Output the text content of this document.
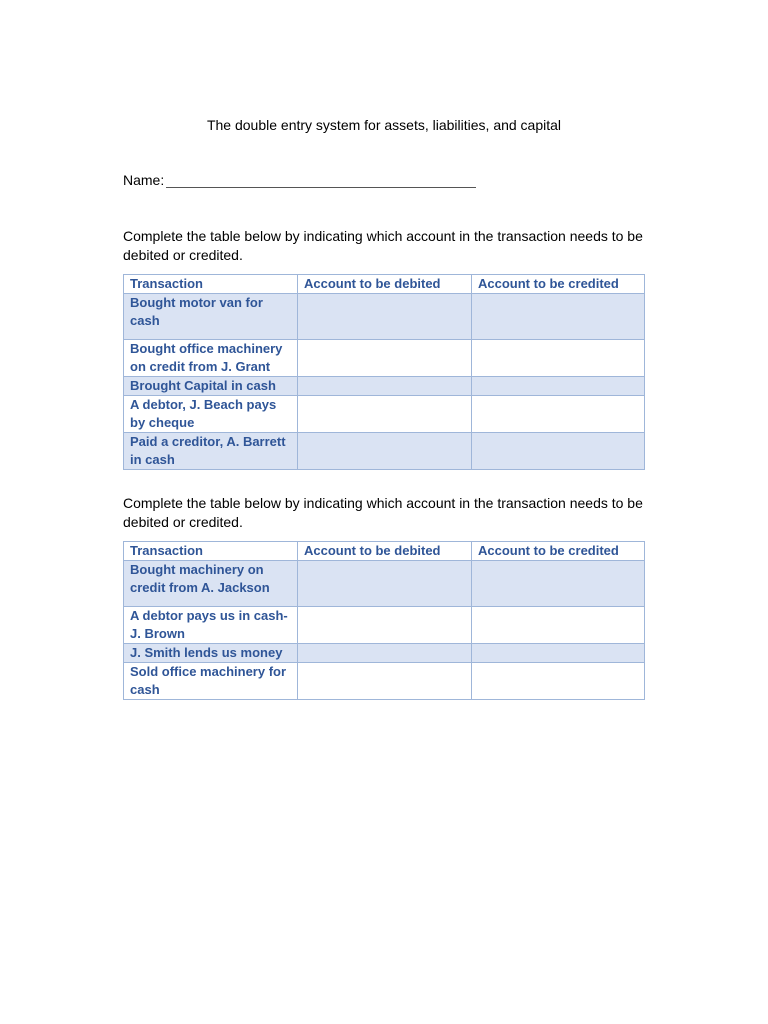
The double entry system for assets, liabilities, and capital
Name:
Complete the table below by indicating which account in the transaction needs to be debited or credited.
Transaction	Account to be debited	Account to be credited
Bought motor van for cash		
Bought office machinery on credit from J. Grant		
Brought Capital in cash		
A debtor, J. Beach pays by cheque		
Paid a creditor, A. Barrett in cash		
Complete the table below by indicating which account in the transaction needs to be debited or credited.
Transaction	Account to be debited	Account to be credited
Bought machinery on credit from A. Jackson		
A debtor pays us in cash-J. Brown		
J. Smith lends us money		
Sold office machinery for cash		
